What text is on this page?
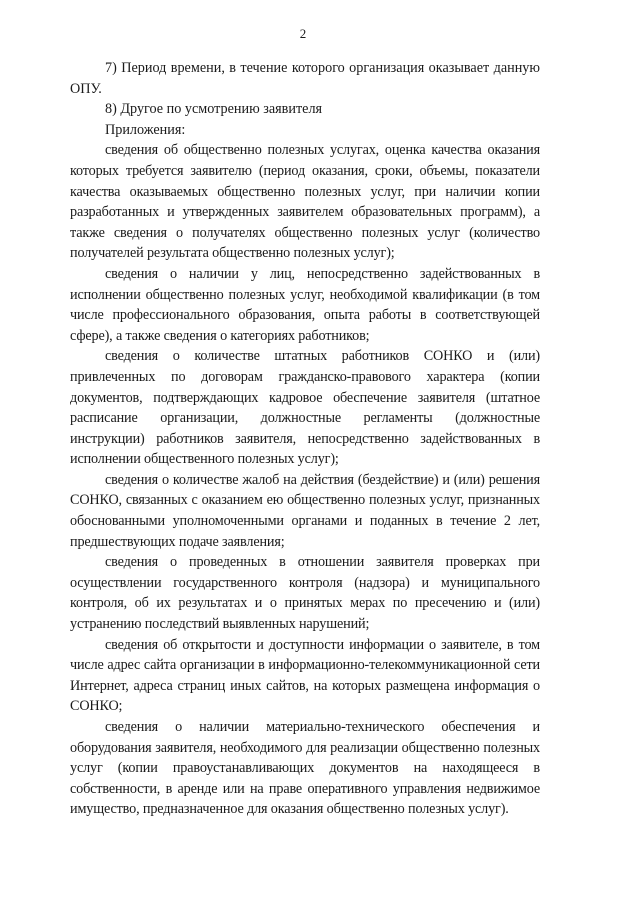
2

7) Период времени, в течение которого организация оказывает данную ОПУ.

8) Другое по усмотрению заявителя

Приложения:

сведения об общественно полезных услугах, оценка качества оказания которых требуется заявителю (период оказания, сроки, объемы, показатели качества оказываемых общественно полезных услуг, при наличии копии разработанных и утвержденных заявителем образовательных программ), а также сведения о получателях общественно полезных услуг (количество получателей результата общественно полезных услуг);

сведения о наличии у лиц, непосредственно задействованных в исполнении общественно полезных услуг, необходимой квалификации (в том числе профессионального образования, опыта работы в соответствующей сфере), а также сведения о категориях работников;

сведения о количестве штатных работников СОНКО и (или) привлеченных по договорам гражданско-правового характера (копии документов, подтверждающих кадровое обеспечение заявителя (штатное расписание организации, должностные регламенты (должностные инструкции) работников заявителя, непосредственно задействованных в исполнении общественного полезных услуг);

сведения о количестве жалоб на действия (бездействие) и (или) решения СОНКО, связанных с оказанием ею общественно полезных услуг, признанных обоснованными уполномоченными органами и поданных в течение 2 лет, предшествующих подаче заявления;

сведения о проведенных в отношении заявителя проверках при осуществлении государственного контроля (надзора) и муниципального контроля, об их результатах и о принятых мерах по пресечению и (или) устранению последствий выявленных нарушений;

сведения об открытости и доступности информации о заявителе, в том числе адрес сайта организации в информационно-телекоммуникационной сети Интернет, адреса страниц иных сайтов, на которых размещена информация о СОНКО;

сведения о наличии материально-технического обеспечения и оборудования заявителя, необходимого для реализации общественно полезных услуг (копии правоустанавливающих документов на находящееся в собственности, в аренде или на праве оперативного управления недвижимое имущество, предназначенное для оказания общественно полезных услуг).
